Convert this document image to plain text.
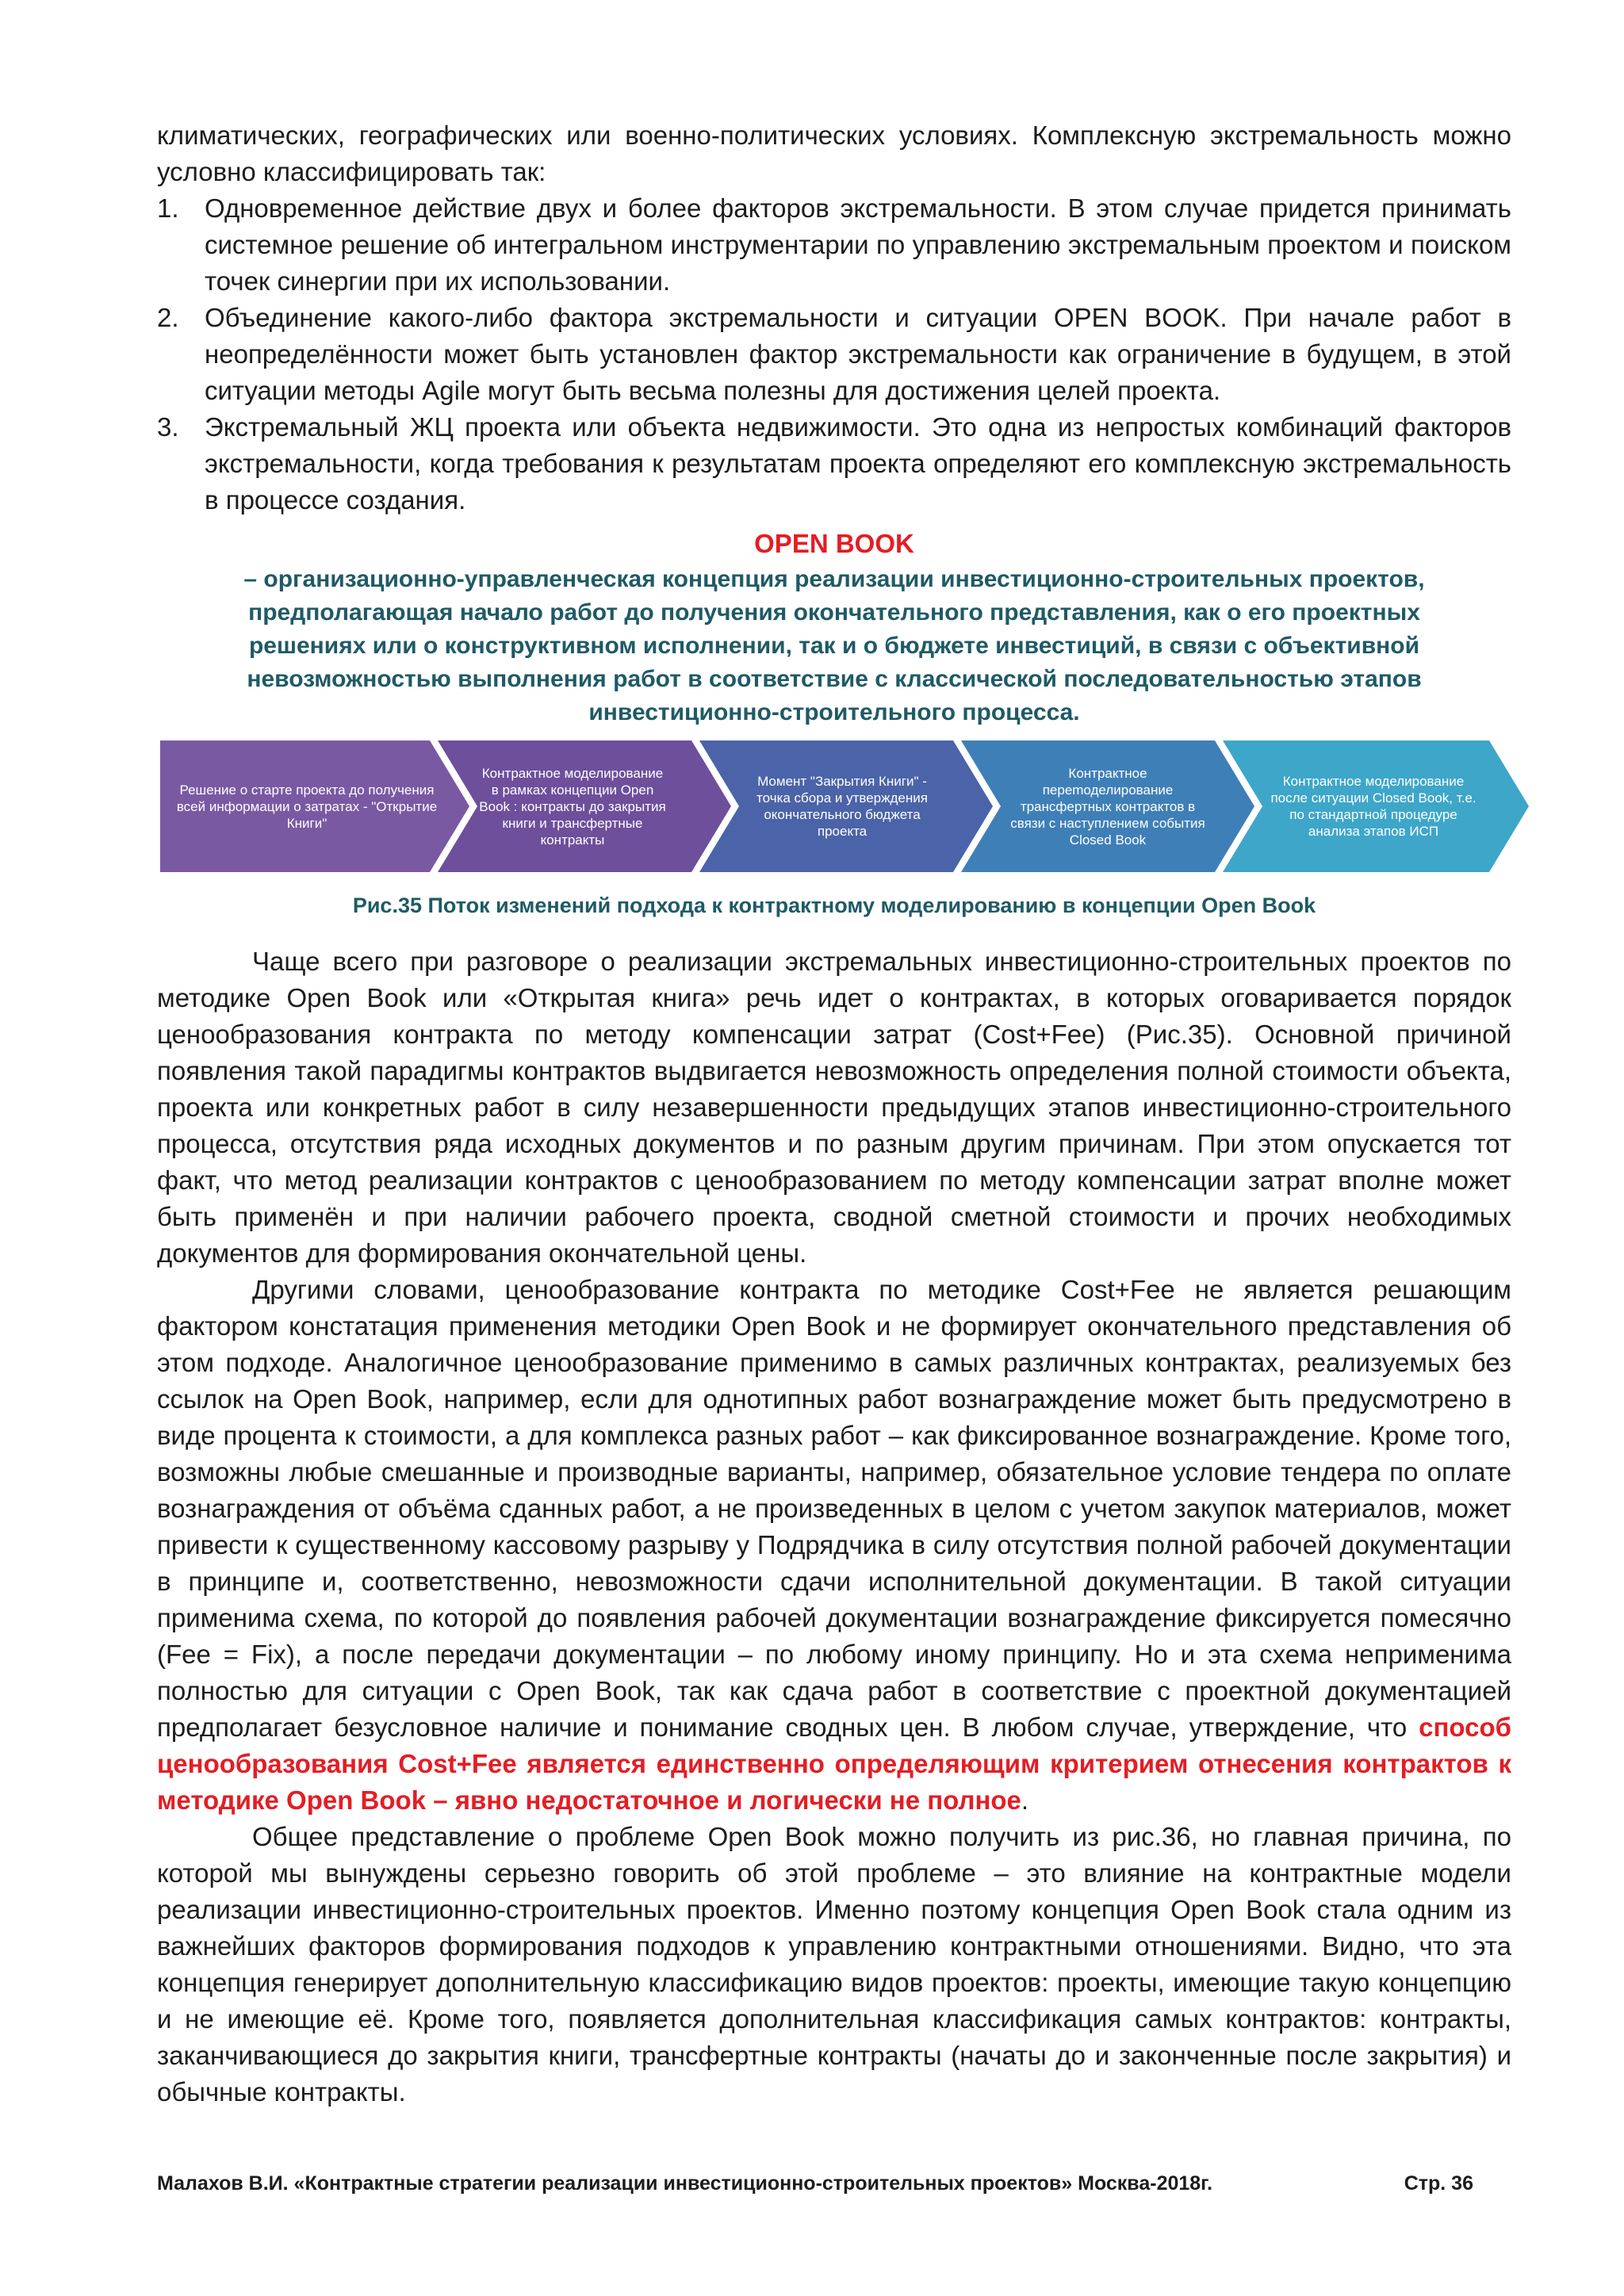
климатических, географических или военно-политических условиях. Комплексную экстремальность можно условно классифицировать так:

1. Одновременное действие двух и более факторов экстремальности. В этом случае придется принимать системное решение об интегральном инструментарии по управлению экстремальным проектом и поиском точек синергии при их использовании.
2. Объединение какого-либо фактора экстремальности и ситуации OPEN BOOK. При начале работ в неопределённости может быть установлен фактор экстремальности как ограничение в будущем, в этой ситуации методы Agile могут быть весьма полезны для достижения целей проекта.
3. Экстремальный ЖЦ проекта или объекта недвижимости. Это одна из непростых комбинаций факторов экстремальности, когда требования к результатам проекта определяют его комплексную экстремальность в процессе создания.
OPEN BOOK
– организационно-управленческая концепция реализации инвестиционно-строительных проектов, предполагающая начало работ до получения окончательного представления, как о его проектных решениях или о конструктивном исполнении, так и о бюджете инвестиций, в связи с объективной невозможностью выполнения работ в соответствие с классической последовательностью этапов инвестиционно-строительного процесса.
Решение о старте проекта до получения всей информации о затратах - "Открытие Книги"
Контрактное моделирование в рамках концепции Open Book : контракты до закрытия книги и трансфертные контракты
Момент "Закрытия Книги" - точка сбора и утверждения окончательного бюджета проекта
Контрактное переmоделирование трансфертных контрактов в связи с наступлением события Closed Book
Контрактное моделирование после ситуации Closed Book, т.е. по стандартной процедуре анализа этапов ИСП
Рис.35 Поток изменений подхода к контрактному моделированию в концепции Open Book

Чаще всего при разговоре о реализации экстремальных инвестиционно-строительных проектов по методике Open Book или «Открытая книга» речь идет о контрактах, в которых оговаривается порядок ценообразования контракта по методу компенсации затрат (Cost+Fee) (Рис.35). Основной причиной появления такой парадигмы контрактов выдвигается невозможность определения полной стоимости объекта, проекта или конкретных работ в силу незавершенности предыдущих этапов инвестиционно-строительного процесса, отсутствия ряда исходных документов и по разным другим причинам. При этом опускается тот факт, что метод реализации контрактов с ценообразованием по методу компенсации затрат вполне может быть применён и при наличии рабочего проекта, сводной сметной стоимости и прочих необходимых документов для формирования окончательной цены.

Другими словами, ценообразование контракта по методике Cost+Fee не является решающим фактором констатация применения методики Open Book и не формирует окончательного представления об этом подходе. Аналогичное ценообразование применимо в самых различных контрактах, реализуемых без ссылок на Open Book, например, если для однотипных работ вознаграждение может быть предусмотрено в виде процента к стоимости, а для комплекса разных работ – как фиксированное вознаграждение. Кроме того, возможны любые смешанные и производные варианты, например, обязательное условие тендера по оплате вознаграждения от объёма сданных работ, а не произведенных в целом с учетом закупок материалов, может привести к существенному кассовому разрыву у Подрядчика в силу отсутствия полной рабочей документации в принципе и, соответственно, невозможности сдачи исполнительной документации. В такой ситуации применима схема, по которой до появления рабочей документации вознаграждение фиксируется помесячно (Fee = Fix), а после передачи документации – по любому иному принципу. Но и эта схема неприменима полностью для ситуации с Open Book, так как сдача работ в соответствие с проектной документацией предполагает безусловное наличие и понимание сводных цен. В любом случае, утверждение, что способ ценообразования Cost+Fee является единственно определяющим критерием отнесения контрактов к методике Open Book – явно недостаточное и логически не полное.

Общее представление о проблеме Open Book можно получить из рис.36, но главная причина, по которой мы вынуждены серьезно говорить об этой проблеме – это влияние на контрактные модели реализации инвестиционно-строительных проектов. Именно поэтому концепция Open Book стала одним из важнейших факторов формирования подходов к управлению контрактными отношениями. Видно, что эта концепция генерирует дополнительную классификацию видов проектов: проекты, имеющие такую концепцию и не имеющие её. Кроме того, появляется дополнительная классификация самых контрактов: контракты, заканчивающиеся до закрытия книги, трансфертные контракты (начаты до и законченные после закрытия) и обычные контракты.

Малахов В.И. «Контрактные стратегии реализации инвестиционно-строительных проектов» Москва-2018г.	Стр. 36
